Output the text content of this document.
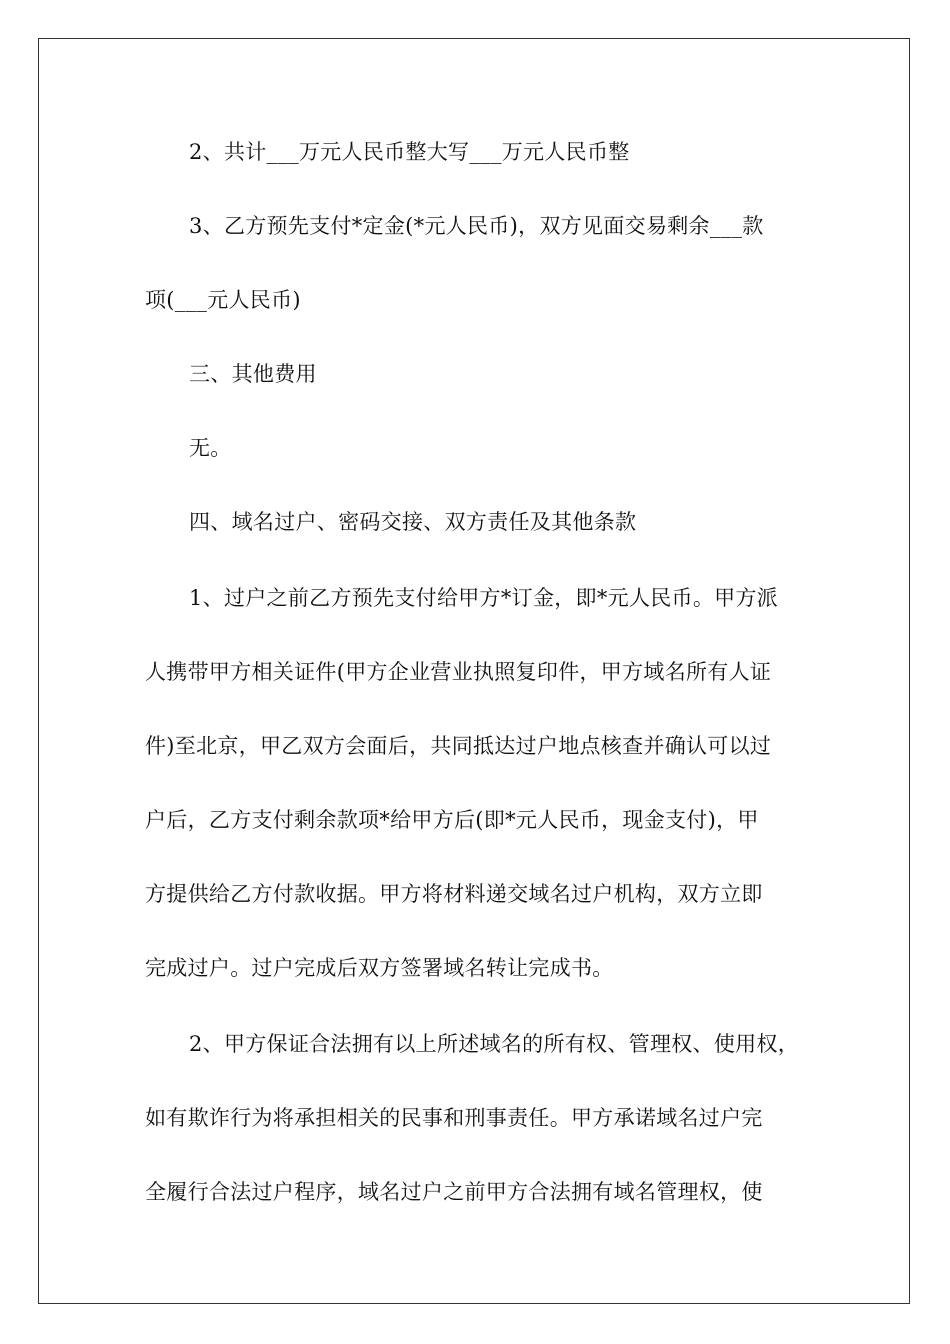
2、共计___万元人民币整大写___万元人民币整
3、乙方预先支付*定金(*元人民币)，双方见面交易剩余___款
项(___元人民币)
三、其他费用
无。
四、域名过户、密码交接、双方责任及其他条款
1、过户之前乙方预先支付给甲方*订金，即*元人民币。甲方派
人携带甲方相关证件(甲方企业营业执照复印件，甲方域名所有人证
件)至北京，甲乙双方会面后，共同抵达过户地点核查并确认可以过
户后，乙方支付剩余款项*给甲方后(即*元人民币，现金支付)，甲
方提供给乙方付款收据。甲方将材料递交域名过户机构，双方立即
完成过户。过户完成后双方签署域名转让完成书。
2、甲方保证合法拥有以上所述域名的所有权、管理权、使用权，
如有欺诈行为将承担相关的民事和刑事责任。甲方承诺域名过户完
全履行合法过户程序，域名过户之前甲方合法拥有域名管理权，使
